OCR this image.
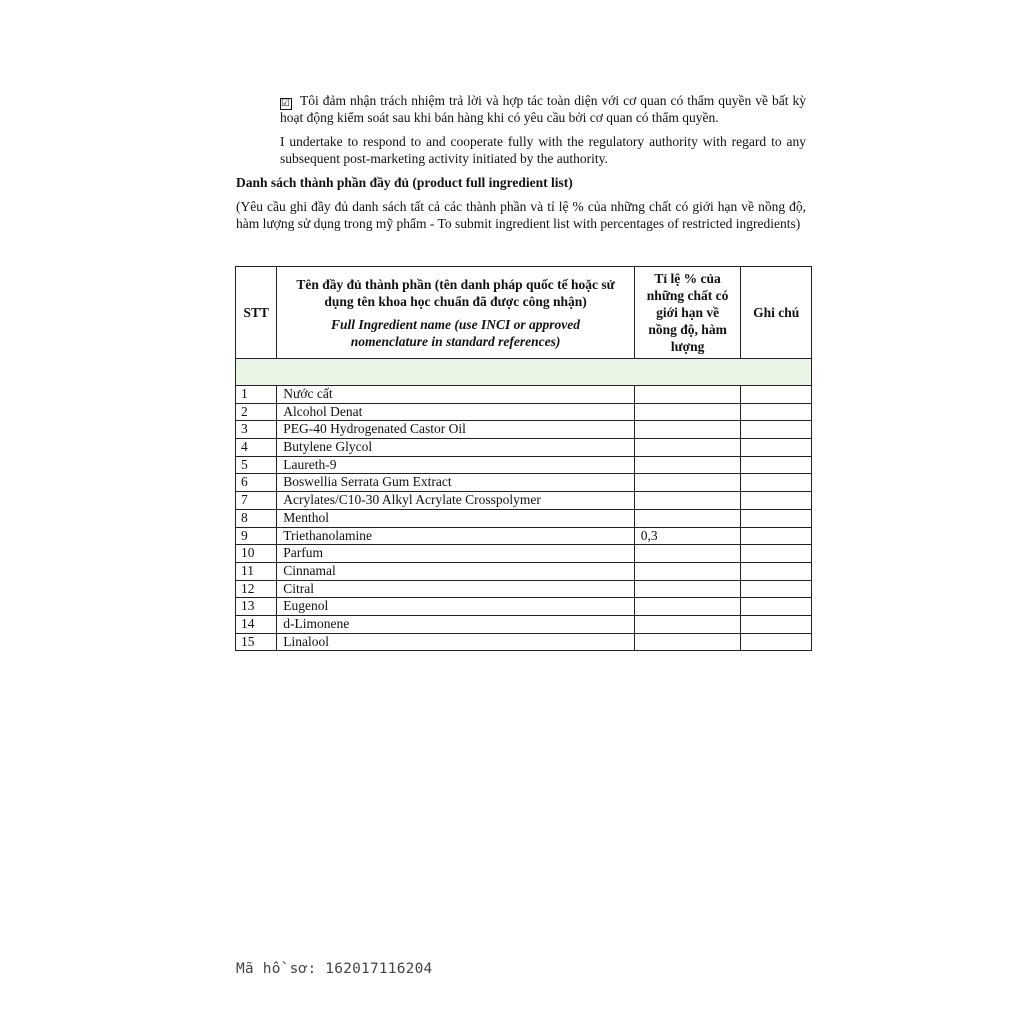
☑ Tôi đảm nhận trách nhiệm trả lời và hợp tác toàn diện với cơ quan có thẩm quyền về bất kỳ hoạt động kiểm soát sau khi bán hàng khi có yêu cầu bởi cơ quan có thẩm quyền.
I undertake to respond to and cooperate fully with the regulatory authority with regard to any subsequent post-marketing activity initiated by the authority.
Danh sách thành phần đầy đủ (product full ingredient list)
(Yêu cầu ghi đầy đủ danh sách tất cả các thành phần và tỉ lệ % của những chất có giới hạn về nồng độ, hàm lượng sử dụng trong mỹ phẩm - To submit ingredient list with percentages of restricted ingredients)
STT	Tên đầy đủ thành phần (tên danh pháp quốc tế hoặc sử dụng tên khoa học chuẩn đã được công nhận)
Full Ingredient name (use INCI or approved nomenclature in standard references)	Tỉ lệ % của những chất có giới hạn về nồng độ, hàm lượng	Ghi chú

1	Nước cất		
2	Alcohol Denat		
3	PEG-40 Hydrogenated Castor Oil		
4	Butylene Glycol		
5	Laureth-9		
6	Boswellia Serrata Gum Extract		
7	Acrylates/C10-30 Alkyl Acrylate Crosspolymer		
8	Menthol		
9	Triethanolamine	0,3	
10	Parfum		
11	Cinnamal		
12	Citral		
13	Eugenol		
14	d-Limonene		
15	Linalool		
Mã hồ sơ: 162017116204
